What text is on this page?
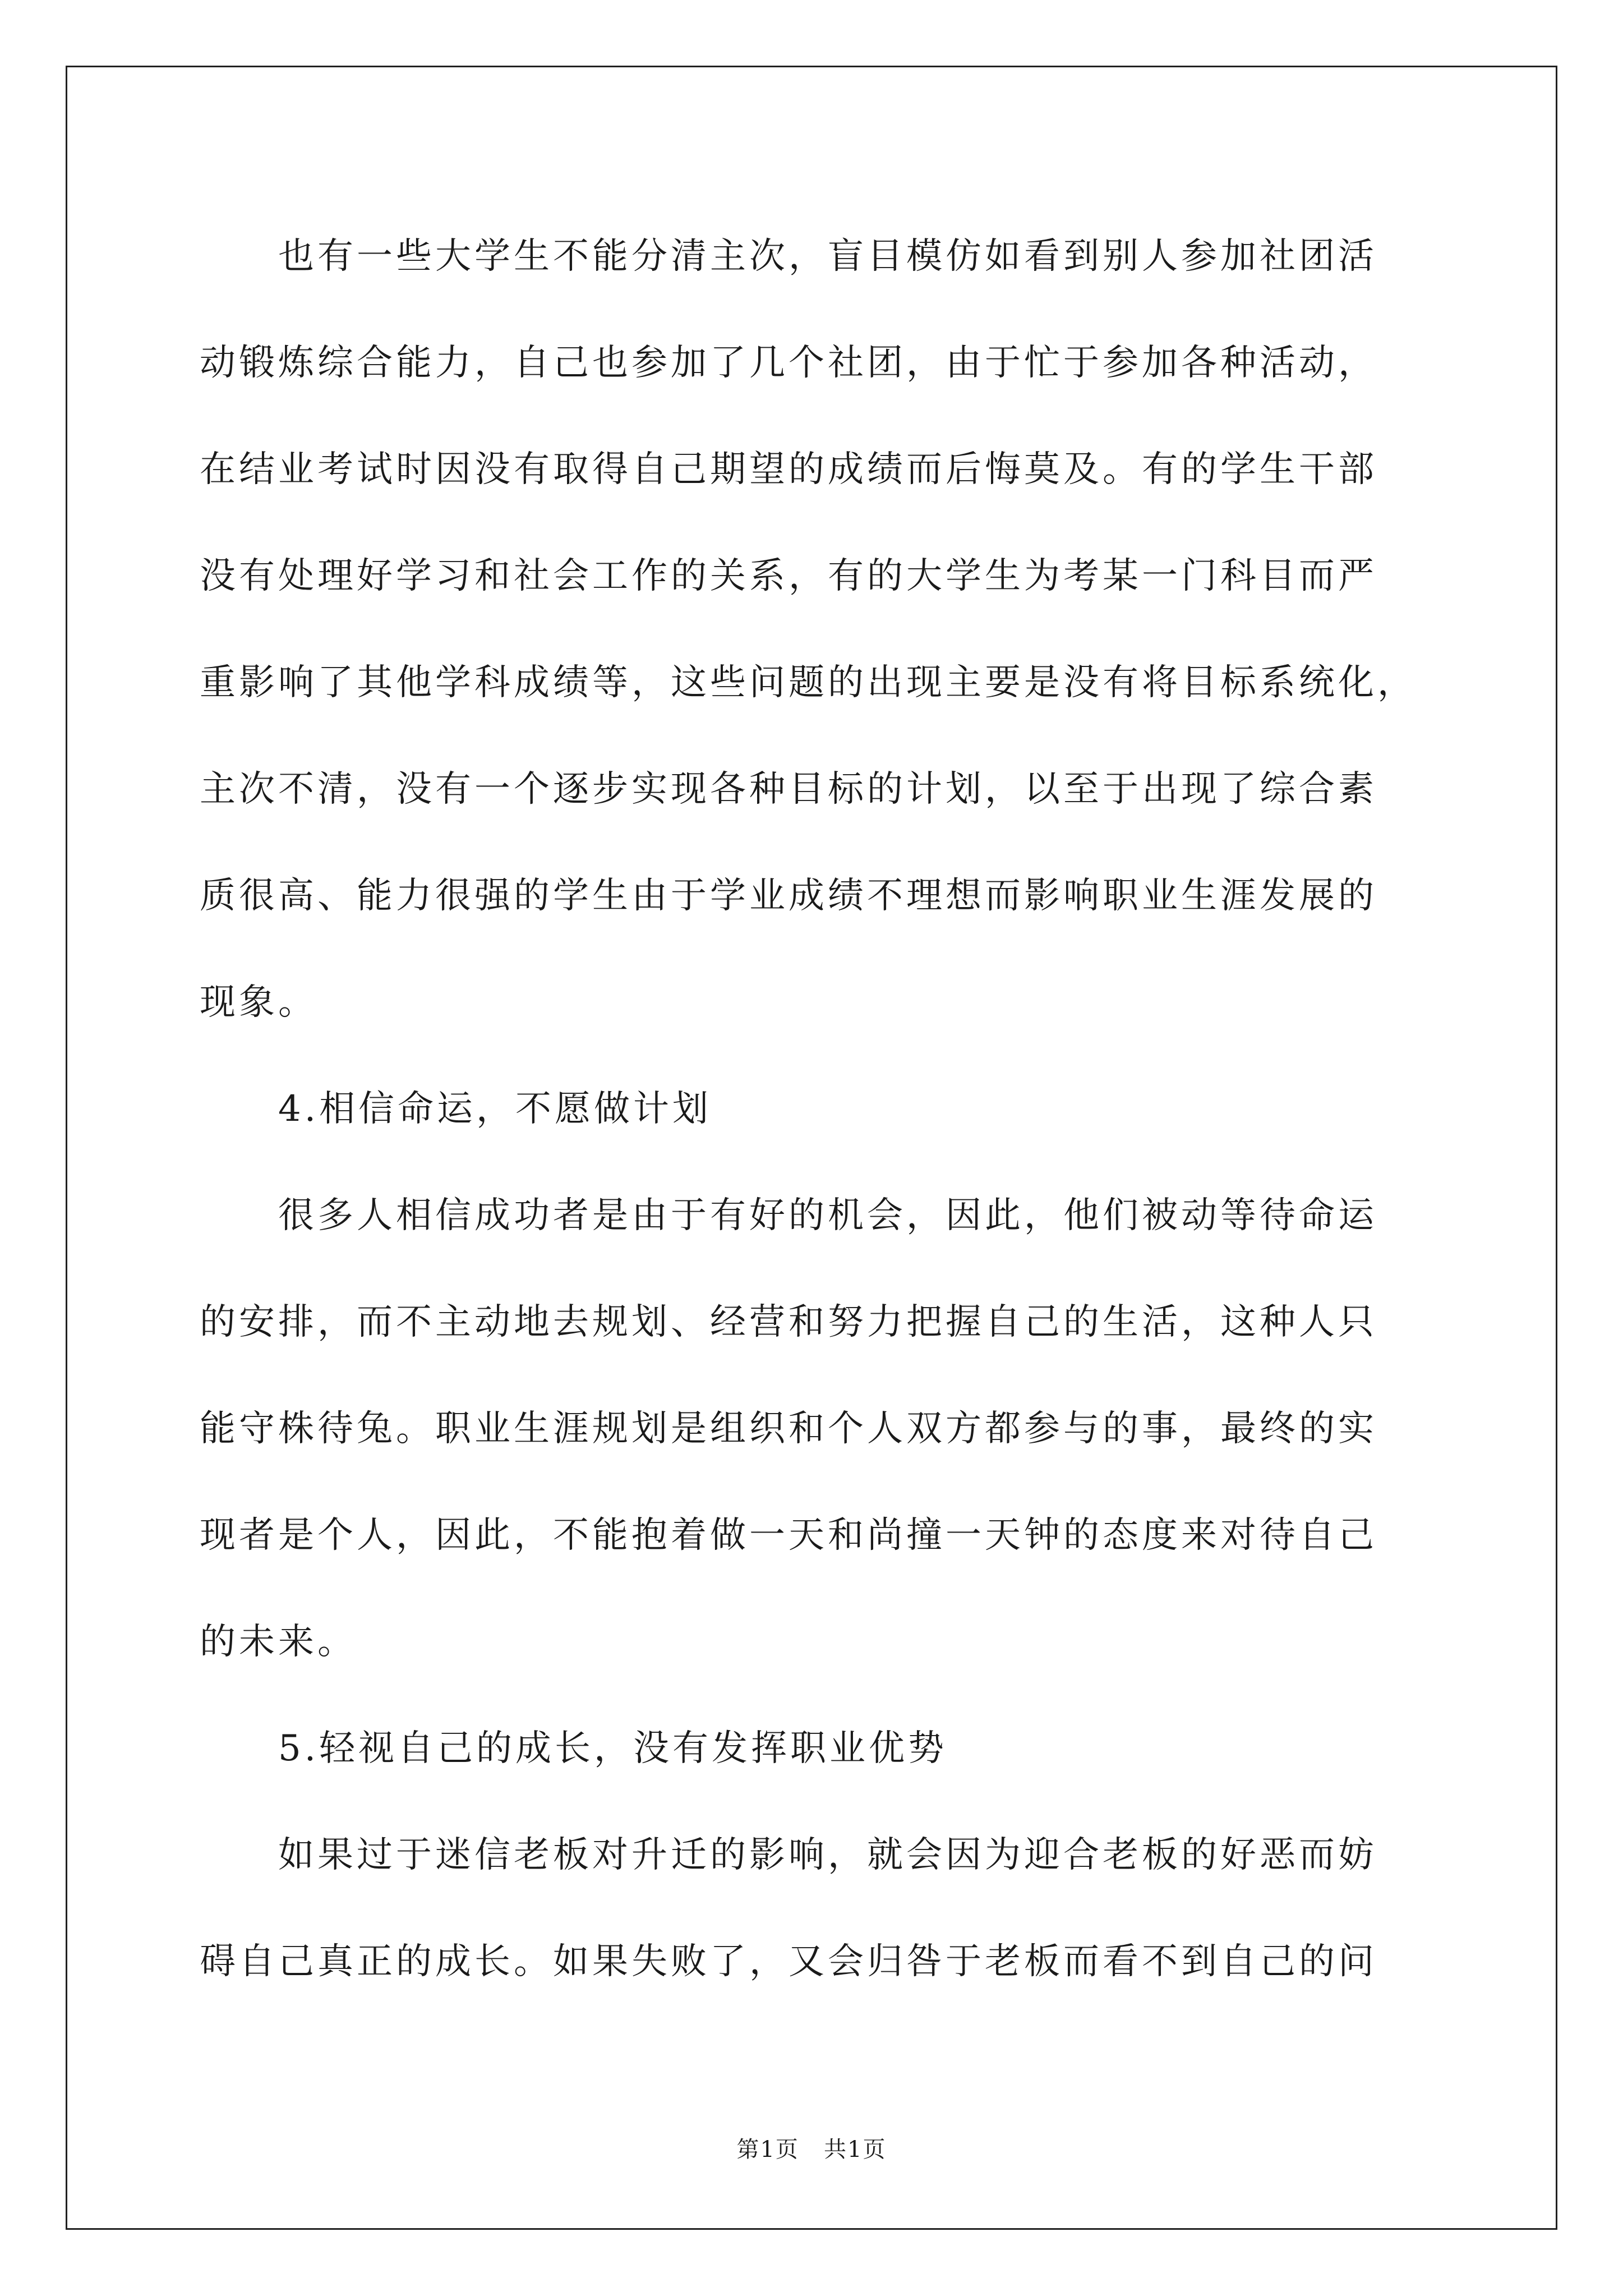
也有一些大学生不能分清主次，盲目模仿如看到别人参加社团活

动锻炼综合能力，自己也参加了几个社团，由于忙于参加各种活动，

在结业考试时因没有取得自己期望的成绩而后悔莫及。有的学生干部

没有处理好学习和社会工作的关系，有的大学生为考某一门科目而严

重影响了其他学科成绩等，这些问题的出现主要是没有将目标系统化，

主次不清，没有一个逐步实现各种目标的计划，以至于出现了综合素

质很高、能力很强的学生由于学业成绩不理想而影响职业生涯发展的

现象。

4.相信命运，不愿做计划

很多人相信成功者是由于有好的机会，因此，他们被动等待命运

的安排，而不主动地去规划、经营和努力把握自己的生活，这种人只

能守株待兔。职业生涯规划是组织和个人双方都参与的事，最终的实

现者是个人，因此，不能抱着做一天和尚撞一天钟的态度来对待自己

的未来。

5.轻视自己的成长，没有发挥职业优势

如果过于迷信老板对升迁的影响，就会因为迎合老板的好恶而妨

碍自己真正的成长。如果失败了，又会归咎于老板而看不到自己的问

第1页   共1页
